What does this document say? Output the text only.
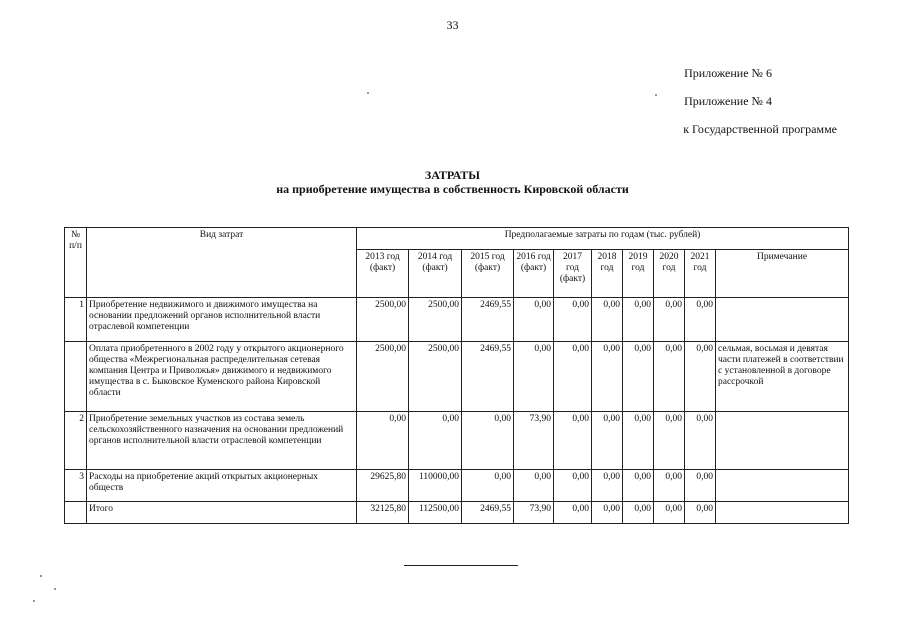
33
Приложение № 6
Приложение № 4
к Государственной программе
ЗАТРАТЫ
на приобретение имущества в собственность Кировской области
№ п/п	Вид затрат	Предполагаемые затраты по годам (тыс. рублей)									
		2013 год (факт)	2014 год (факт)	2015 год (факт)	2016 год (факт)	2017 год (факт)	2018 год	2019 год	2020 год	2021 год	Примечание
1	Приобретение недвижимого и движимого имущества на основании предложений органов исполнительной власти отраслевой компетенции	2500,00	2500,00	2469,55	0,00	0,00	0,00	0,00	0,00	0,00	
	Оплата приобретенного в 2002 году у открытого акционерного общества «Межрегиональная распределительная сетевая компания Центра и Приволжья» движимого и недвижимого имущества в с. Быковское Куменского района Кировской области	2500,00	2500,00	2469,55	0,00	0,00	0,00	0,00	0,00	0,00	сельмая, восьмая и девятая части платежей в соответствии с установленной в договоре рассрочкой
2	Приобретение земельных участков из состава земель сельскохозяйственного назначения на основании предложений органов исполнительной власти отраслевой компетенции	0,00	0,00	0,00	73,90	0,00	0,00	0,00	0,00	0,00	
3	Расходы на приобретение акций открытых акционерных обществ	29625,80	110000,00	0,00	0,00	0,00	0,00	0,00	0,00	0,00	
	Итого	32125,80	112500,00	2469,55	73,90	0,00	0,00	0,00	0,00	0,00	
